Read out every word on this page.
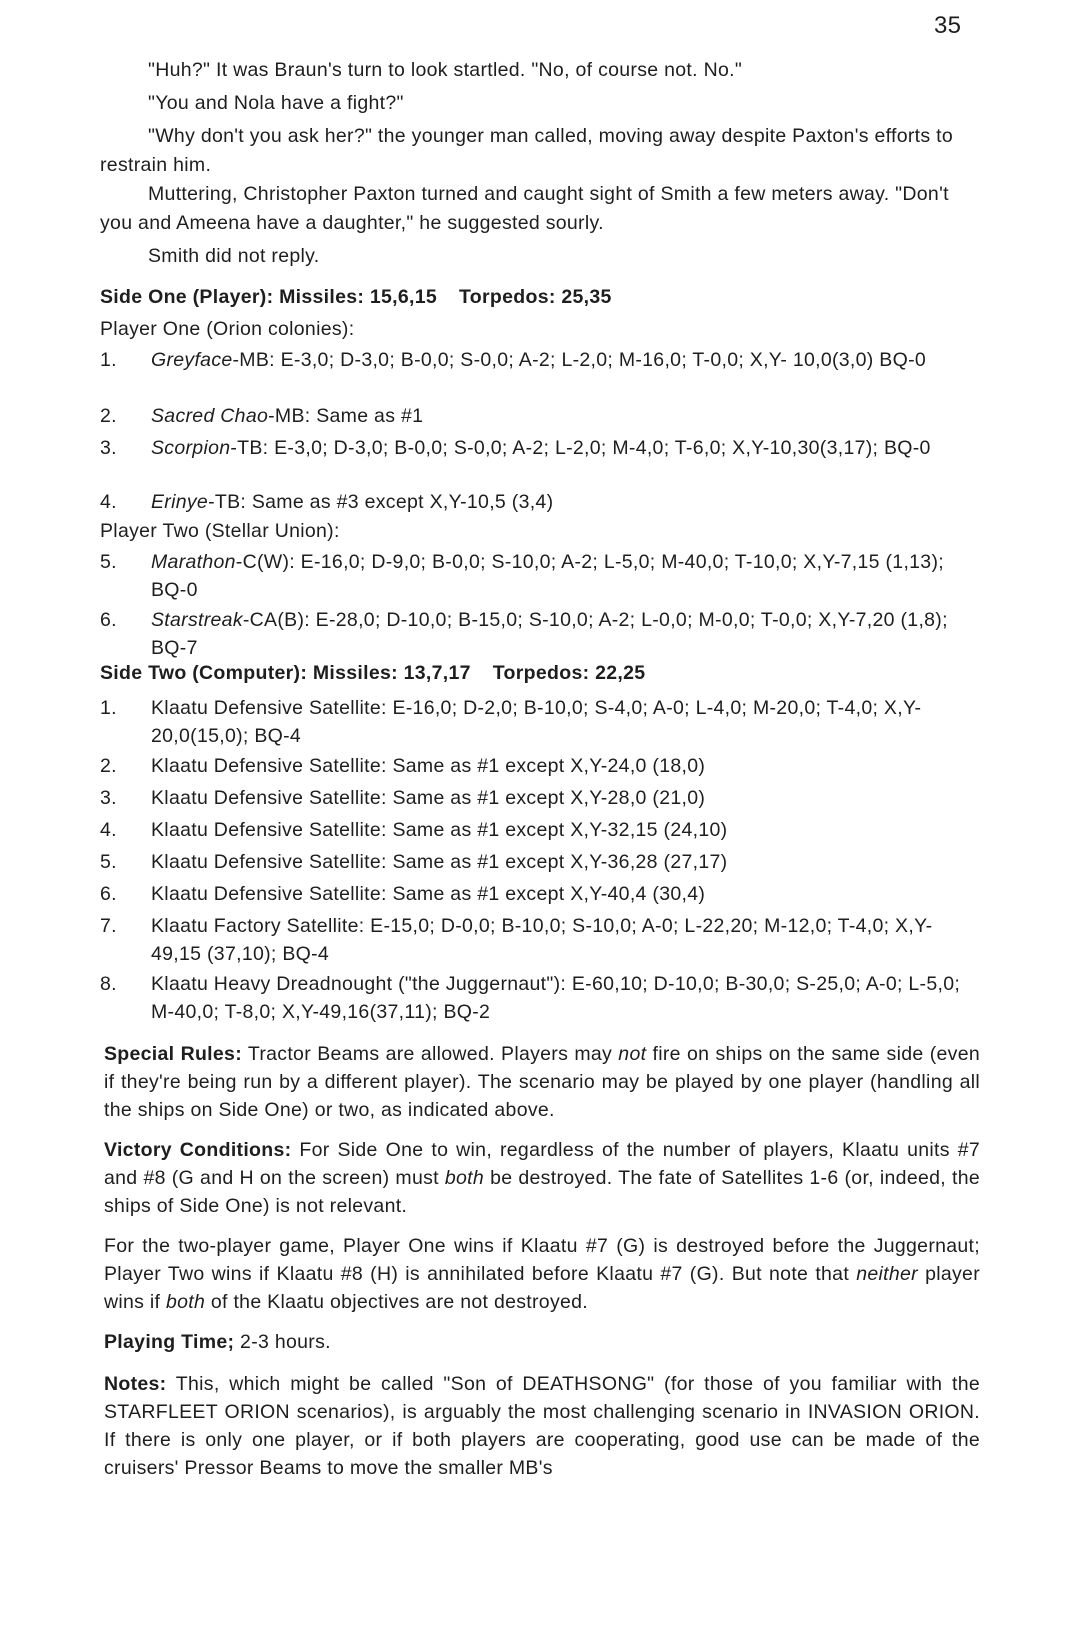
35

"Huh?" It was Braun's turn to look startled. "No, of course not. No."

"You and Nola have a fight?"

"Why don't you ask her?" the younger man called, moving away despite Paxton's efforts to restrain him.

Muttering, Christopher Paxton turned and caught sight of Smith a few meters away. "Don't you and Ameena have a daughter," he suggested sourly.

Smith did not reply.

Side One (Player): Missiles: 15,6,15 Torpedos: 25,35
Player One (Orion colonies):
1. Greyface-MB: E-3,0; D-3,0; B-0,0; S-0,0; A-2; L-2,0; M-16,0; T-0,0; X,Y- 10,0(3,0) BQ-0
2. Sacred Chao-MB: Same as #1
3. Scorpion-TB: E-3,0; D-3,0; B-0,0; S-0,0; A-2; L-2,0; M-4,0; T-6,0; X,Y-10,30(3,17); BQ-0
4. Erinye-TB: Same as #3 except X,Y-10,5 (3,4)
Player Two (Stellar Union):
5. Marathon-C(W): E-16,0; D-9,0; B-0,0; S-10,0; A-2; L-5,0; M-40,0; T-10,0; X,Y-7,15 (1,13); BQ-0
6. Starstreak-CA(B): E-28,0; D-10,0; B-15,0; S-10,0; A-2; L-0,0; M-0,0; T-0,0; X,Y-7,20 (1,8); BQ-7
Side Two (Computer): Missiles: 13,7,17 Torpedos: 22,25
1. Klaatu Defensive Satellite: E-16,0; D-2,0; B-10,0; S-4,0; A-0; L-4,0; M-20,0; T-4,0; X,Y-20,0(15,0); BQ-4
2. Klaatu Defensive Satellite: Same as #1 except X,Y-24,0 (18,0)
3. Klaatu Defensive Satellite: Same as #1 except X,Y-28,0 (21,0)
4. Klaatu Defensive Satellite: Same as #1 except X,Y-32,15 (24,10)
5. Klaatu Defensive Satellite: Same as #1 except X,Y-36,28 (27,17)
6. Klaatu Defensive Satellite: Same as #1 except X,Y-40,4 (30,4)
7. Klaatu Factory Satellite: E-15,0; D-0,0; B-10,0; S-10,0; A-0; L-22,20; M-12,0; T-4,0; X,Y-49,15 (37,10); BQ-4
8. Klaatu Heavy Dreadnought ("the Juggernaut"): E-60,10; D-10,0; B-30,0; S-25,0; A-0; L-5,0; M-40,0; T-8,0; X,Y-49,16(37,11); BQ-2
Special Rules: Tractor Beams are allowed. Players may not fire on ships on the same side (even if they're being run by a different player). The scenario may be played by one player (handling all the ships on Side One) or two, as indicated above.
Victory Conditions: For Side One to win, regardless of the number of players, Klaatu units #7 and #8 (G and H on the screen) must both be destroyed. The fate of Satellites 1-6 (or, indeed, the ships of Side One) is not relevant.
For the two-player game, Player One wins if Klaatu #7 (G) is destroyed before the Juggernaut; Player Two wins if Klaatu #8 (H) is annihilated before Klaatu #7 (G). But note that neither player wins if both of the Klaatu objectives are not destroyed.
Playing Time; 2-3 hours.
Notes: This, which might be called "Son of DEATHSONG" (for those of you familiar with the STARFLEET ORION scenarios), is arguably the most challenging scenario in INVASION ORION. If there is only one player, or if both players are cooperating, good use can be made of the cruisers' Pressor Beams to move the smaller MB's
